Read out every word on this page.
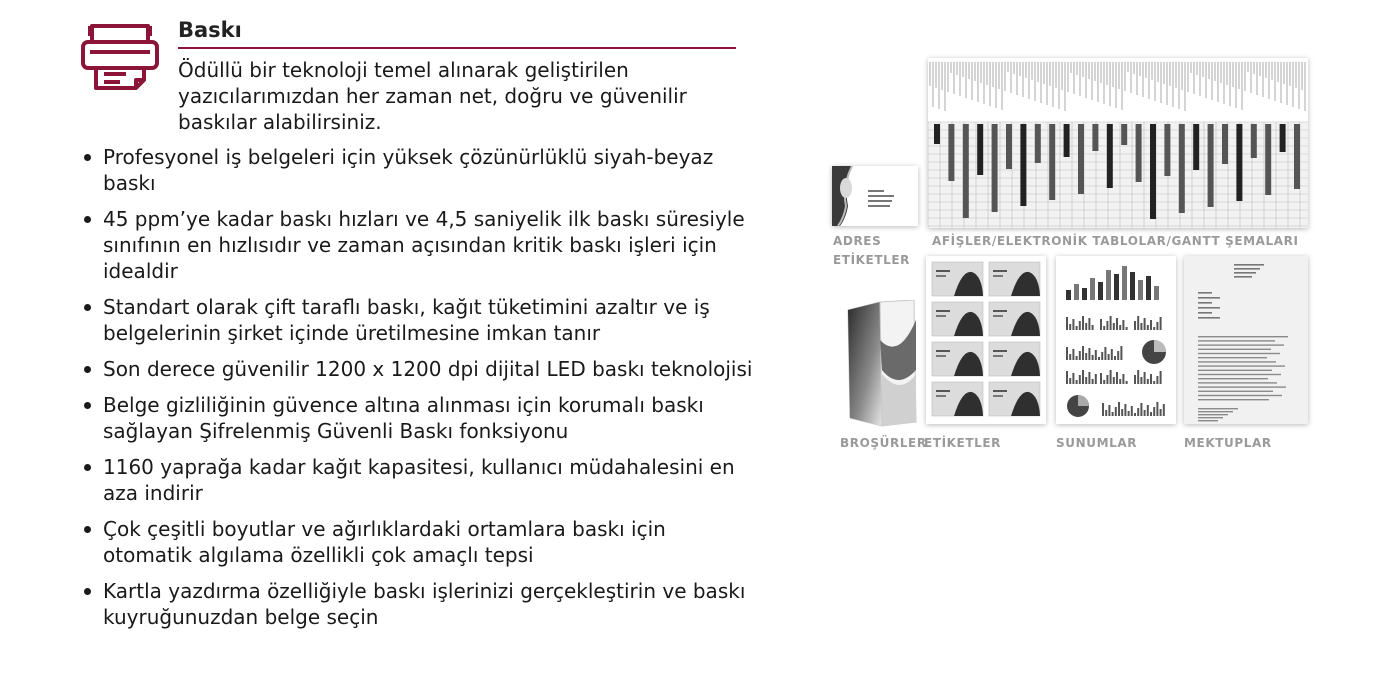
Baskı

Ödüllü bir teknoloji temel alınarak geliştirilen yazıcılarımızdan her zaman net, doğru ve güvenilir baskılar alabilirsiniz.

Profesyonel iş belgeleri için yüksek çözünürlüklü siyah-beyaz baskı
45 ppm’ye kadar baskı hızları ve 4,5 saniyelik ilk baskı süresiyle sınıfının en hızlısıdır ve zaman açısından kritik baskı işleri için idealdir
Standart olarak çift taraflı baskı, kağıt tüketimini azaltır ve iş belgelerinin şirket içinde üretilmesine imkan tanır
Son derece güvenilir 1200 x 1200 dpi dijital LED baskı teknolojisi
Belge gizliliğinin güvence altına alınması için korumalı baskı sağlayan Şifrelenmiş Güvenli Baskı fonksiyonu
1160 yaprağa kadar kağıt kapasitesi, kullanıcı müdahalesini en aza indirir
Çok çeşitli boyutlar ve ağırlıklardaki ortamlara baskı için otomatik algılama özellikli çok amaçlı tepsi
Kartla yazdırma özelliğiyle baskı işlerinizi gerçekleştirin ve baskı kuyruğunuzdan belge seçin
ADRES
ETİKETLER
AFİŞLER/ELEKTRONİK TABLOLAR/GANTT ŞEMALARI
BROŞÜRLER
ETİKETLER	SUNUMLAR	MEKTUPLAR
